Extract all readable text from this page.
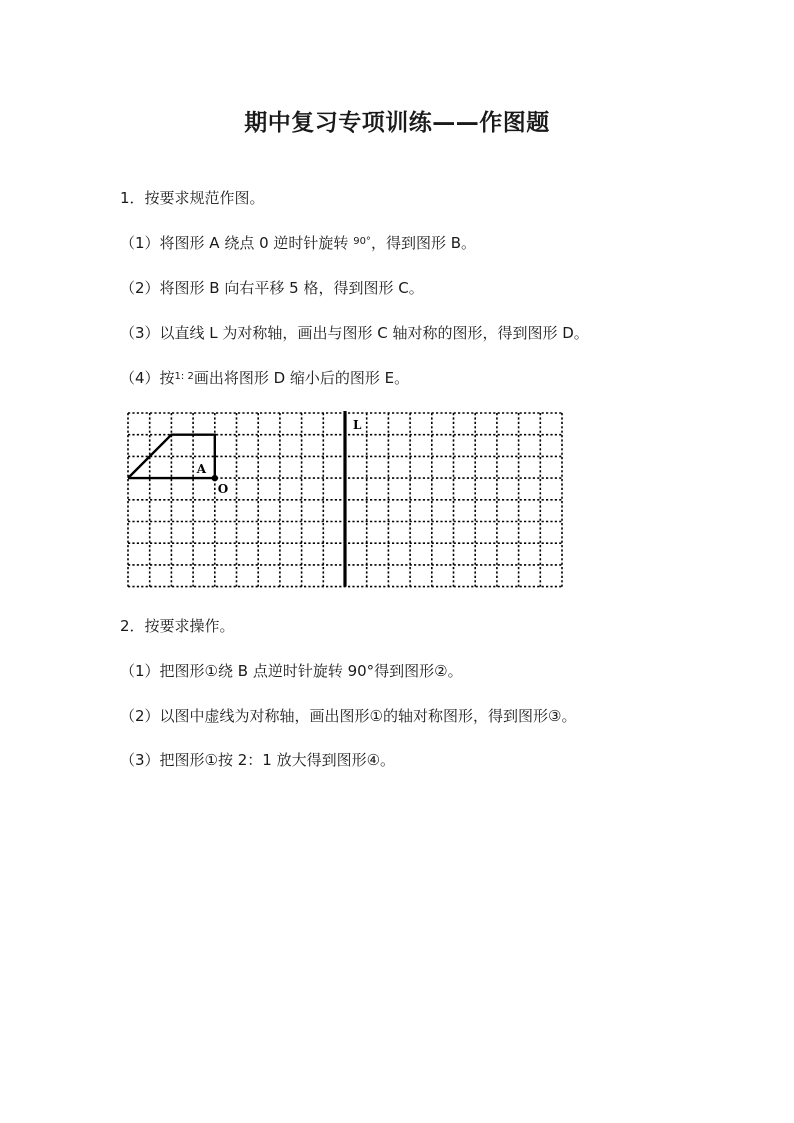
期中复习专项训练——作图题
1．按要求规范作图。
（1）将图形 A 绕点 0 逆时针旋转 $^{90^\circ}$，得到图形 B。
（2）将图形 B 向右平移 5 格，得到图形 C。
（3）以直线 L 为对称轴，画出与图形 C 轴对称的图形，得到图形 D。
（4）按$^{1: 2}$画出将图形 D 缩小后的图形 E。
A
O
L
2．按要求操作。
（1）把图形①绕 B 点逆时针旋转 90°得到图形②。
（2）以图中虚线为对称轴，画出图形①的轴对称图形，得到图形③。
（3）把图形①按 2：1 放大得到图形④。
